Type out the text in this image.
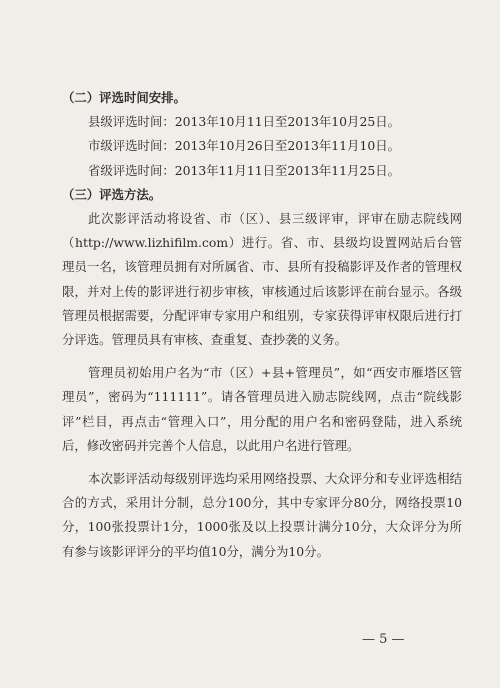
（二）评选时间安排。

县级评选时间：2013年10月11日至2013年10月25日。

市级评选时间：2013年10月26日至2013年11月10日。

省级评选时间：2013年11月11日至2013年11月25日。

（三）评选方法。

此次影评活动将设省、市（区）、县三级评审，评审在励志院线网（http://www.lizhifilm.com）进行。省、市、县级均设置网站后台管理员一名，该管理员拥有对所属省、市、县所有投稿影评及作者的管理权限，并对上传的影评进行初步审核，审核通过后该影评在前台显示。各级管理员根据需要，分配评审专家用户和组别，专家获得评审权限后进行打分评选。管理员具有审核、查重复、查抄袭的义务。

管理员初始用户名为“市（区）+县+管理员”，如“西安市雁塔区管理员”，密码为“111111”。请各管理员进入励志院线网，点击“院线影评”栏目，再点击“管理入口”，用分配的用户名和密码登陆，进入系统后，修改密码并完善个人信息，以此用户名进行管理。

本次影评活动每级别评选均采用网络投票、大众评分和专业评选相结合的方式，采用计分制，总分100分，其中专家评分80分，网络投票10分，100张投票计1分，1000张及以上投票计满分10分，大众评分为所有参与该影评评分的平均值10分，满分为10分。

— 5 —
